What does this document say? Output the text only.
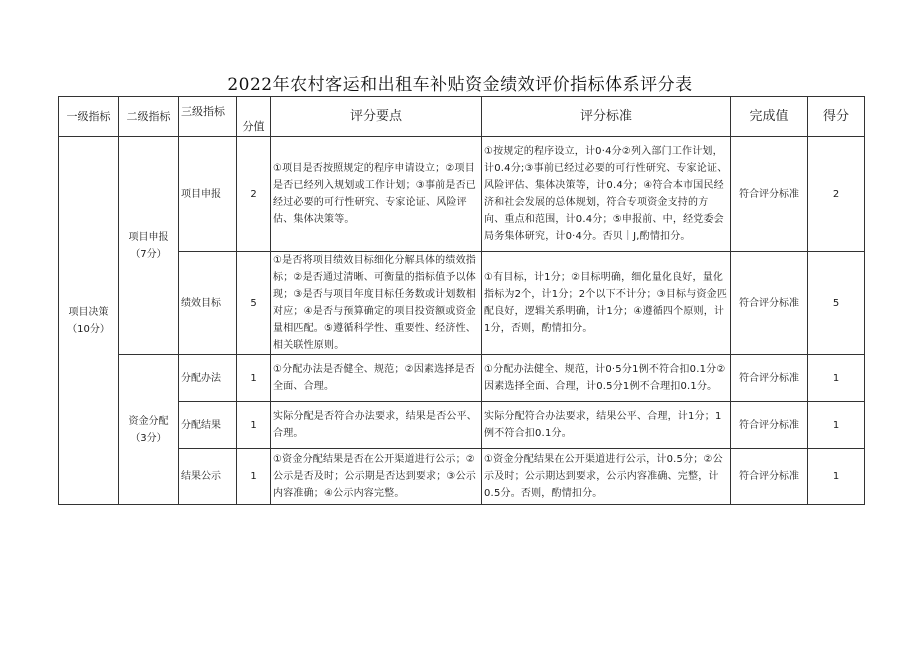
2022年农村客运和出租车补贴资金绩效评价指标体系评分表
一级指标	二级指标	三级指标	分值	评分要点	评分标准	完成值	得分
项目决策（10分）	项目申报（7分）	项目申报	2	①项目是否按照规定的程序申请设立；②项目是否已经列入规划或工作计划；③事前是否已经过必要的可行性研究、专家论证、风险评估、集体决策等。	①按规定的程序设立，计0·4分②列入部门工作计划，计0.4分;③事前已经过必要的可行性研究、专家论证、风险评估、集体决策等，计0.4分；④符合本市国民经济和社会发展的总体规划，符合专项资金支持的方向、重点和范围，计0.4分；⑤申报前、中，经党委会局务集体研究，计0·4分。否贝｜J,酌情扣分。	符合评分标准	2
		绩效目标	5	①是否将项目绩效目标细化分解具体的绩效指标；②是否通过清晰、可衡量的指标值予以体现；③是否与项目年度目标任务数或计划数相对应；④是否与预算确定的项目投资额或资金量相匹配。⑤遵循科学性、重要性、经济性、相关联性原则。	①有目标，计1分；②目标明确，细化量化良好，量化指标为2个，计1分；2个以下不计分；③目标与资金匹配良好，逻辑关系明确，计1分；④遵循四个原则，计1分，否则，酌情扣分。	符合评分标准	5
	资金分配（3分）	分配办法	1	①分配办法是否健全、规范；②因素选择是否全面、合理。	①分配办法健全、规范，计0·5分1例不符合扣0.1分②因素选择全面、合理，计0.5分1例不合理扣0.1分。	符合评分标准	1
		分配结果	1	实际分配是否符合办法要求，结果是否公平、合理。	实际分配符合办法要求，结果公平、合理，计1分；1例不符合扣0.1分。	符合评分标准	1
		结果公示	1	①资金分配结果是否在公开渠道进行公示；②公示是否及时；公示期是否达到要求；③公示内容准确；④公示内容完整。	①资金分配结果在公开渠道进行公示，计0.5分；②公示及时；公示期达到要求，公示内容准确、完整，计0.5分。否则，酌情扣分。	符合评分标准	1
